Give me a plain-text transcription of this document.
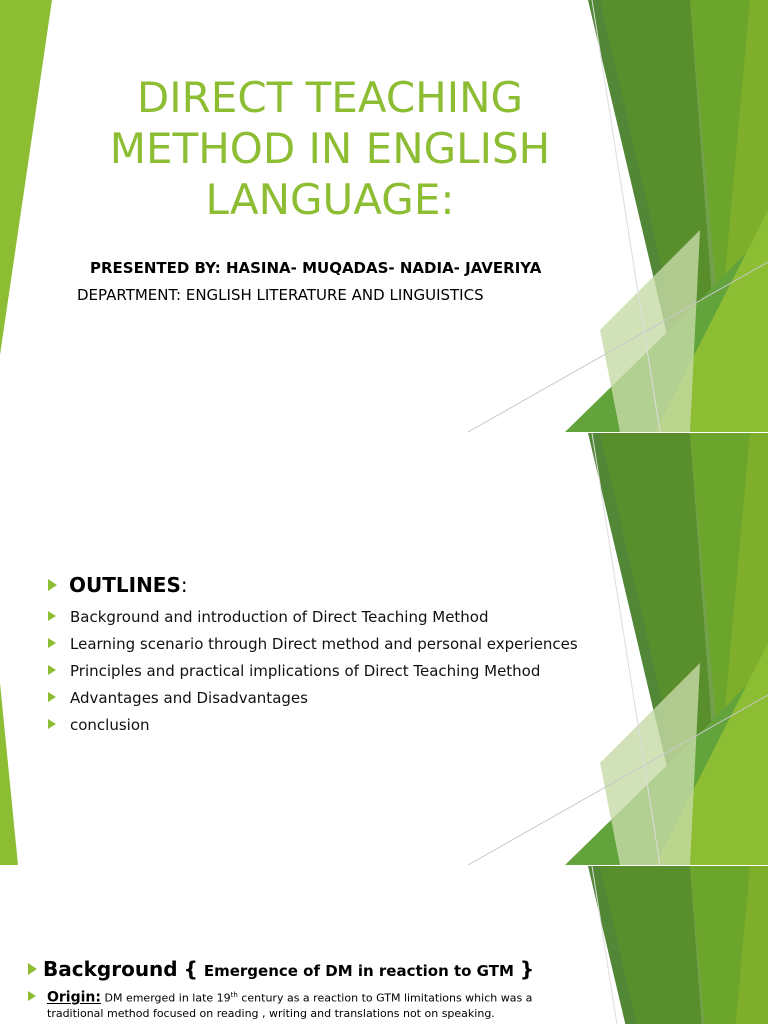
DIRECT TEACHING
METHOD IN ENGLISH
LANGUAGE:
PRESENTED BY: HASINA- MUQADAS- NADIA- JAVERIYA
DEPARTMENT: ENGLISH LITERATURE AND LINGUISTICS
OUTLINES :
Background and introduction of Direct Teaching Method
Learning scenario through Direct method and personal experiences
Principles and practical implications of Direct Teaching Method
Advantages and Disadvantages
conclusion
Background { Emergence of DM in reaction to GTM }
Origin: DM emerged in late 19th century as a reaction to GTM limitations which was a traditional method focused on reading , writing and translations not on speaking.
